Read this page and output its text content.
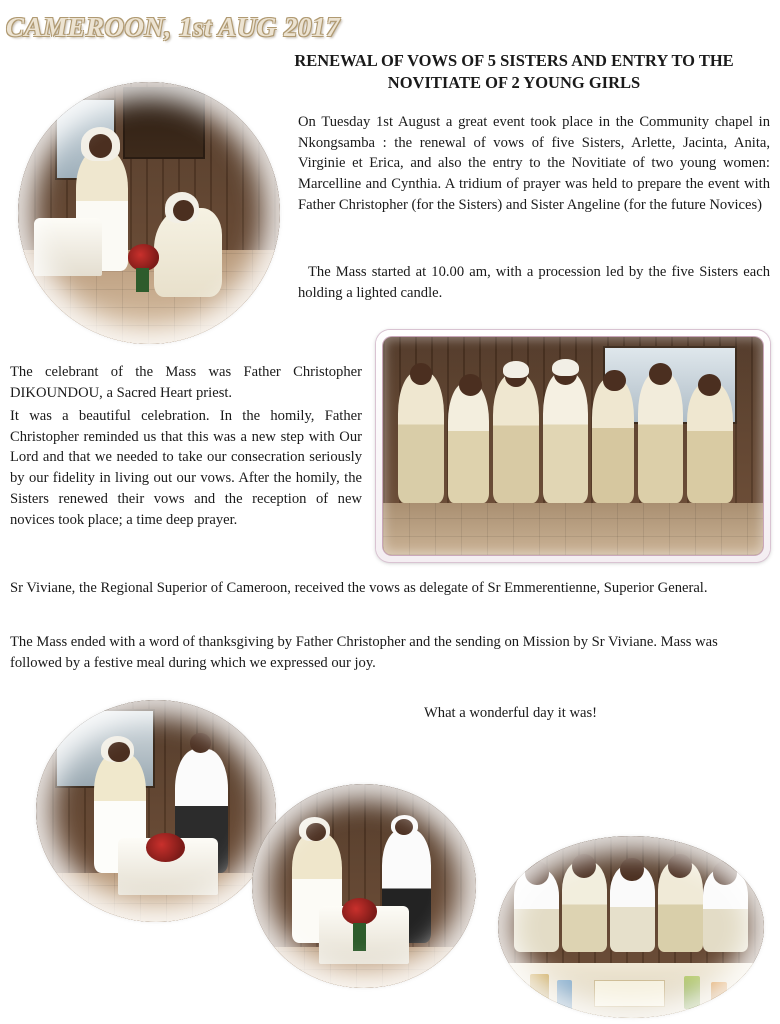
CAMEROON, 1st AUG 2017
RENEWAL OF VOWS OF 5 SISTERS AND ENTRY TO THE NOVITIATE OF 2 YOUNG GIRLS
On Tuesday 1st August a great event took place in the Community chapel in Nkongsamba : the renewal of vows of five Sisters, Arlette, Jacinta, Anita, Virginie et Erica, and also the entry to the Novitiate of two young women: Marcelline and Cynthia. A tridium of prayer was held to prepare the event with Father Christopher (for the Sisters) and Sister Angeline (for the future Novices)
The Mass started at 10.00 am, with a procession led by the five Sisters each holding a lighted candle.
The celebrant of the Mass was Father Christopher DIKOUNDOU, a Sacred Heart priest.
It was a beautiful celebration. In the homily, Father Christopher reminded us that this was a new step with Our Lord and that we needed to take our consecration seriously by our fidelity in living out our vows. After the homily, the Sisters renewed their vows and the reception of new novices took place; a time deep prayer.
Sr Viviane, the Regional Superior of Cameroon, received the vows as delegate of Sr Emmerentienne, Superior General.
The Mass ended with a word of thanksgiving by Father Christopher and the sending on Mission by Sr Viviane. Mass was followed by a festive meal during which we expressed our joy.
What a wonderful day it was!
